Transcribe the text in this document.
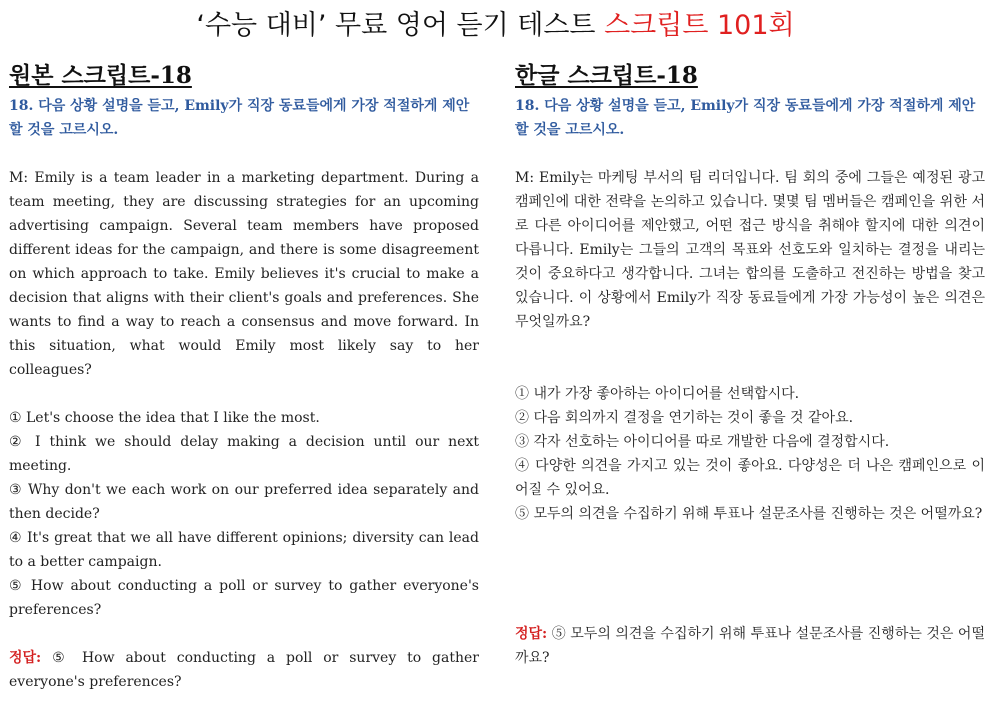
‘수능 대비’ 무료 영어 듣기 테스트 스크립트 101회
원본 스크립트-18
18. 다음 상황 설명을 듣고, Emily가 직장 동료들에게 가장 적절하게 제안할 것을 고르시오.

M: Emily is a team leader in a marketing department. During a team meeting, they are discussing strategies for an upcoming advertising campaign. Several team members have proposed different ideas for the campaign, and there is some disagreement on which approach to take. Emily believes it's crucial to make a decision that aligns with their client's goals and preferences. She wants to find a way to reach a consensus and move forward. In this situation, what would Emily most likely say to her colleagues?

① Let's choose the idea that I like the most.
② I think we should delay making a decision until our next meeting.
③ Why don't we each work on our preferred idea separately and then decide?
④ It's great that we all have different opinions; diversity can lead to a better campaign.
⑤ How about conducting a poll or survey to gather everyone's preferences?
정답: ⑤ How about conducting a poll or survey to gather everyone's preferences?
한글 스크립트-18
18. 다음 상황 설명을 듣고, Emily가 직장 동료들에게 가장 적절하게 제안할 것을 고르시오.

M: Emily는 마케팅 부서의 팀 리더입니다. 팀 회의 중에 그들은 예정된 광고 캠페인에 대한 전략을 논의하고 있습니다. 몇몇 팀 멤버들은 캠페인을 위한 서로 다른 아이디어를 제안했고, 어떤 접근 방식을 취해야 할지에 대한 의견이 다릅니다. Emily는 그들의 고객의 목표와 선호도와 일치하는 결정을 내리는 것이 중요하다고 생각합니다. 그녀는 합의를 도출하고 전진하는 방법을 찾고 있습니다. 이 상황에서 Emily가 직장 동료들에게 가장 가능성이 높은 의견은 무엇일까요?

① 내가 가장 좋아하는 아이디어를 선택합시다.
② 다음 회의까지 결정을 연기하는 것이 좋을 것 같아요.
③ 각자 선호하는 아이디어를 따로 개발한 다음에 결정합시다.
④ 다양한 의견을 가지고 있는 것이 좋아요. 다양성은 더 나은 캠페인으로 이어질 수 있어요.
⑤ 모두의 의견을 수집하기 위해 투표나 설문조사를 진행하는 것은 어떨까요?
정답: ⑤ 모두의 의견을 수집하기 위해 투표나 설문조사를 진행하는 것은 어떨까요?
